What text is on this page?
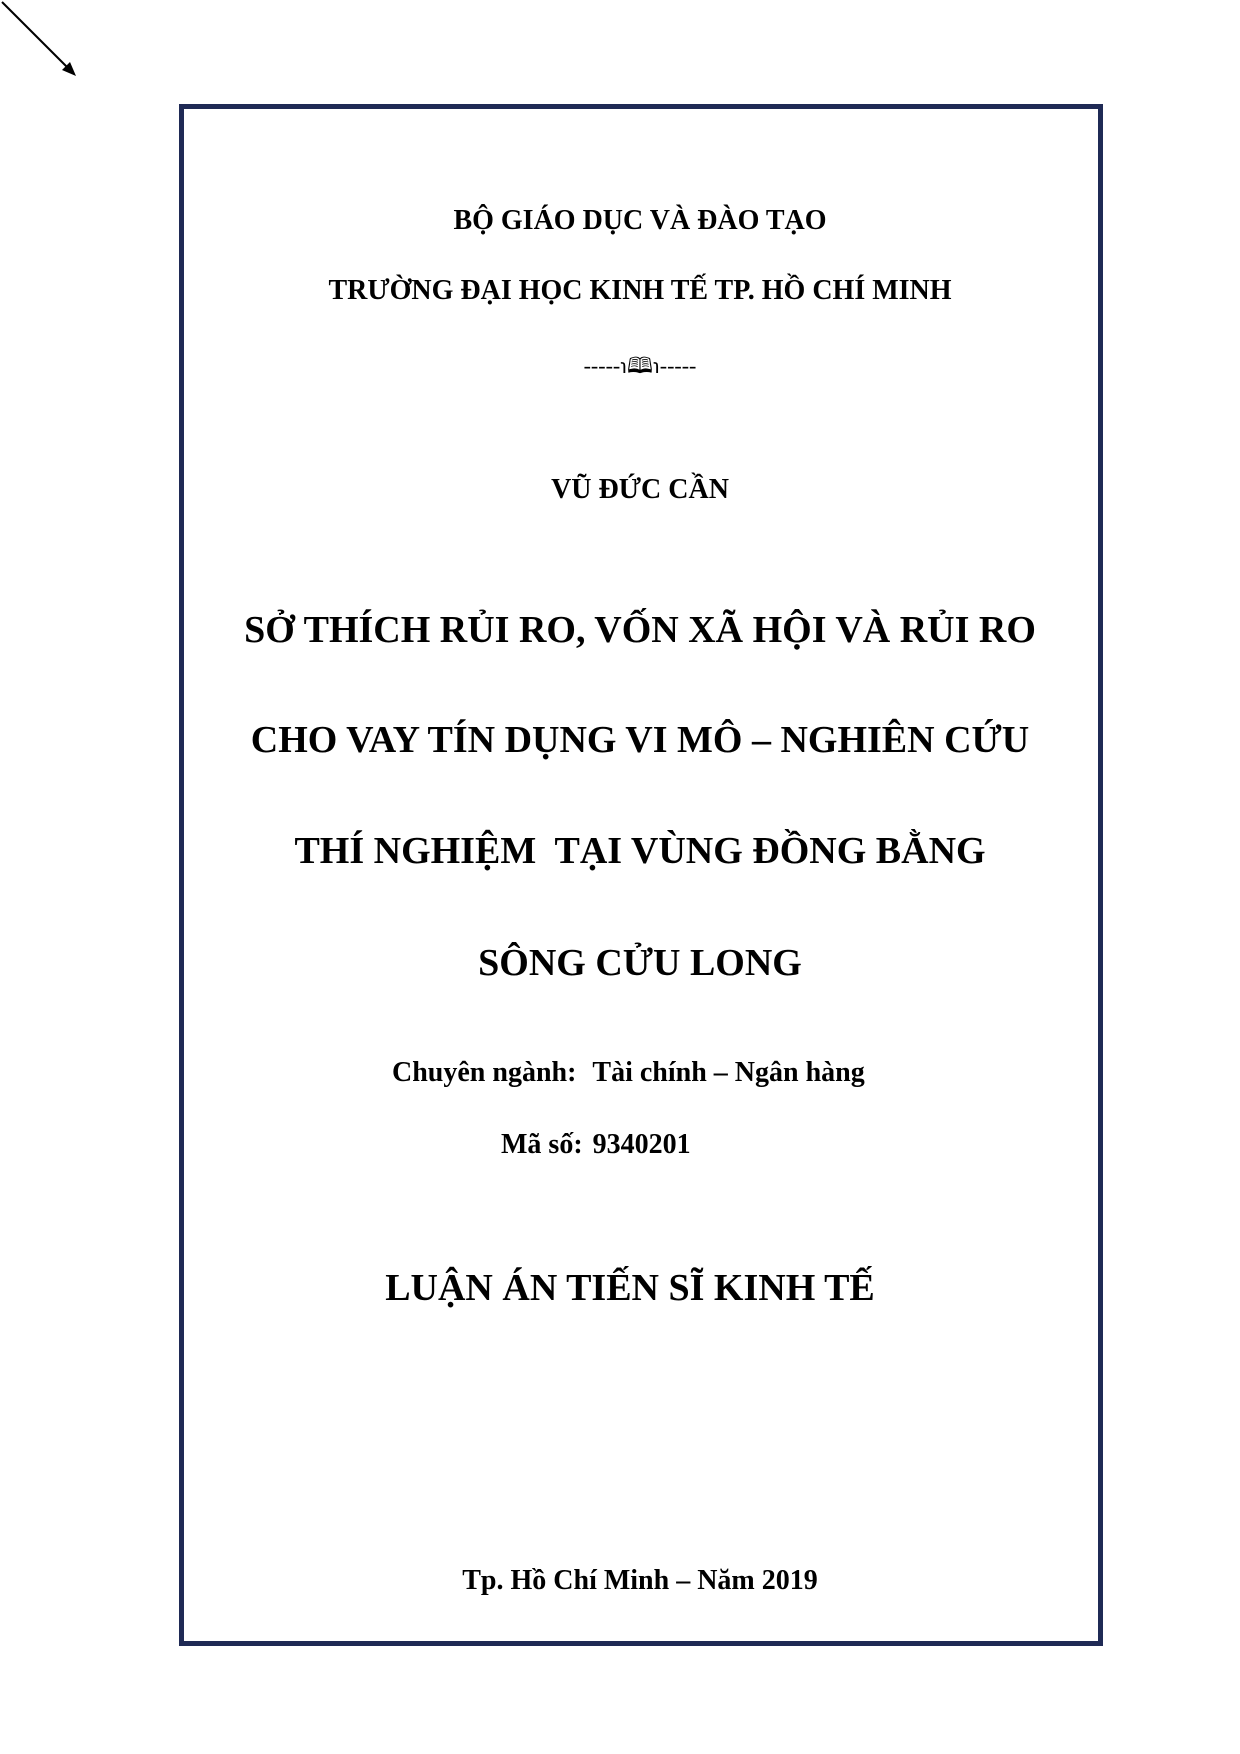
BỘ GIÁO DỤC VÀ ĐÀO TẠO
TRƯỜNG ĐẠI HỌC KINH TẾ TP. HỒ CHÍ MINH
-----℩🕮℩-----
VŨ ĐỨC CẦN
SỞ THÍCH RỦI RO, VỐN XÃ HỘI VÀ RỦI RO
CHO VAY TÍN DỤNG VI MÔ – NGHIÊN CỨU
THÍ NGHIỆM  TẠI VÙNG ĐỒNG BẰNG
SÔNG CỬU LONG
Chuyên ngành: Tài chính – Ngân hàng
Mã số: 9340201
LUẬN ÁN TIẾN SĨ KINH TẾ
Tp. Hồ Chí Minh – Năm 2019
